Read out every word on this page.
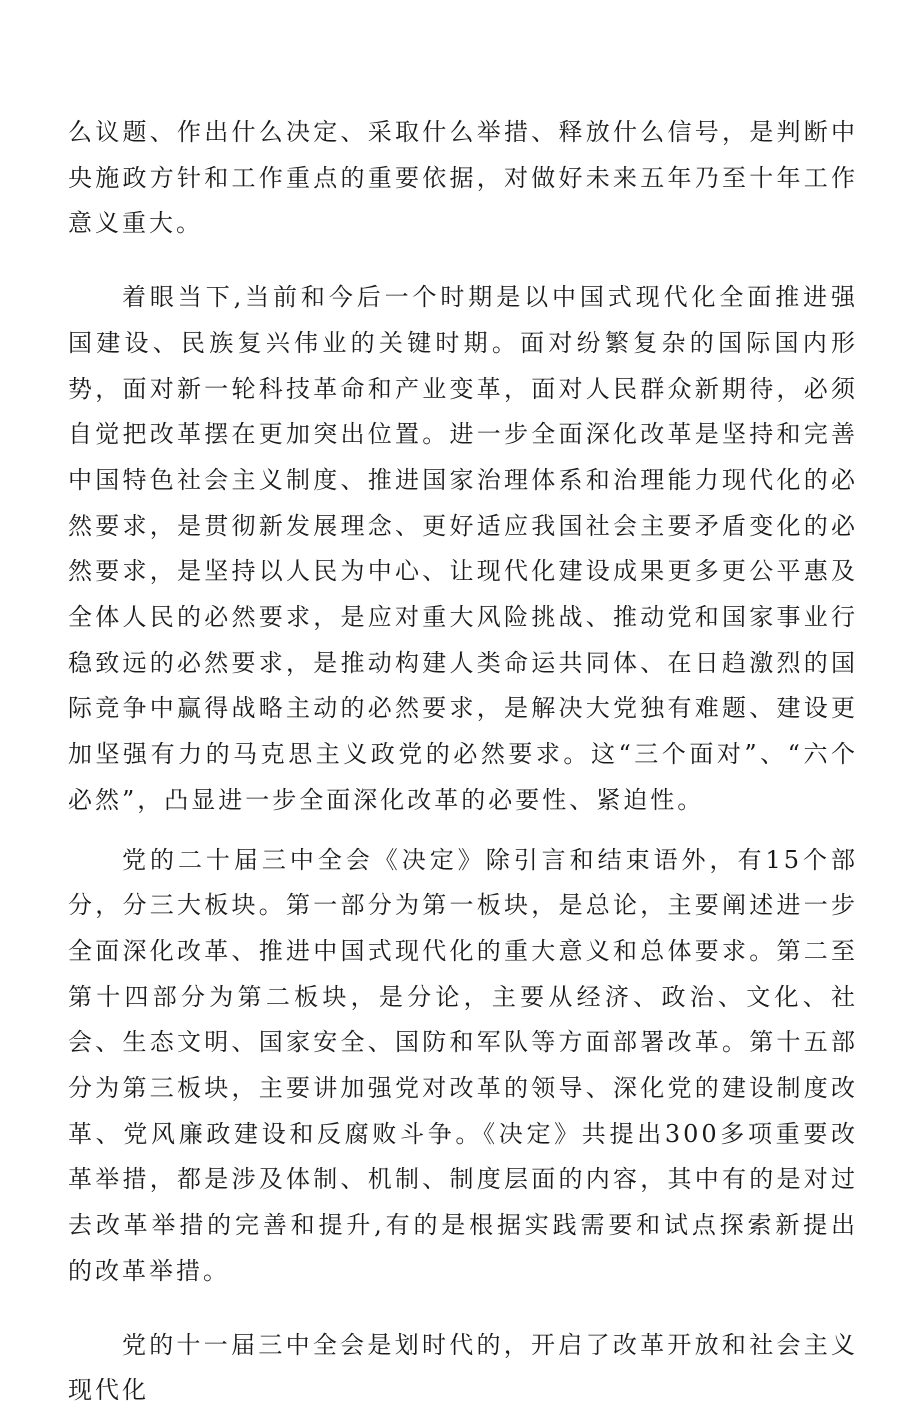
么议题、作出什么决定、采取什么举措、释放什么信号，是判断中央施政方针和工作重点的重要依据，对做好未来五年乃至十年工作意义重大。

着眼当下,当前和今后一个时期是以中国式现代化全面推进强国建设、民族复兴伟业的关键时期。面对纷繁复杂的国际国内形势，面对新一轮科技革命和产业变革，面对人民群众新期待，必须自觉把改革摆在更加突出位置。进一步全面深化改革是坚持和完善中国特色社会主义制度、推进国家治理体系和治理能力现代化的必然要求，是贯彻新发展理念、更好适应我国社会主要矛盾变化的必然要求，是坚持以人民为中心、让现代化建设成果更多更公平惠及全体人民的必然要求，是应对重大风险挑战、推动党和国家事业行稳致远的必然要求，是推动构建人类命运共同体、在日趋激烈的国际竞争中赢得战略主动的必然要求，是解决大党独有难题、建设更加坚强有力的马克思主义政党的必然要求。这“三个面对”、“六个必然”，凸显进一步全面深化改革的必要性、紧迫性。

党的二十届三中全会《决定》除引言和结束语外，有15个部分，分三大板块。第一部分为第一板块，是总论，主要阐述进一步全面深化改革、推进中国式现代化的重大意义和总体要求。第二至第十四部分为第二板块，是分论，主要从经济、政治、文化、社会、生态文明、国家安全、国防和军队等方面部署改革。第十五部分为第三板块，主要讲加强党对改革的领导、深化党的建设制度改革、党风廉政建设和反腐败斗争。《决定》共提出300多项重要改革举措，都是涉及体制、机制、制度层面的内容，其中有的是对过去改革举措的完善和提升,有的是根据实践需要和试点探索新提出的改革举措。

党的十一届三中全会是划时代的，开启了改革开放和社会主义现代化
